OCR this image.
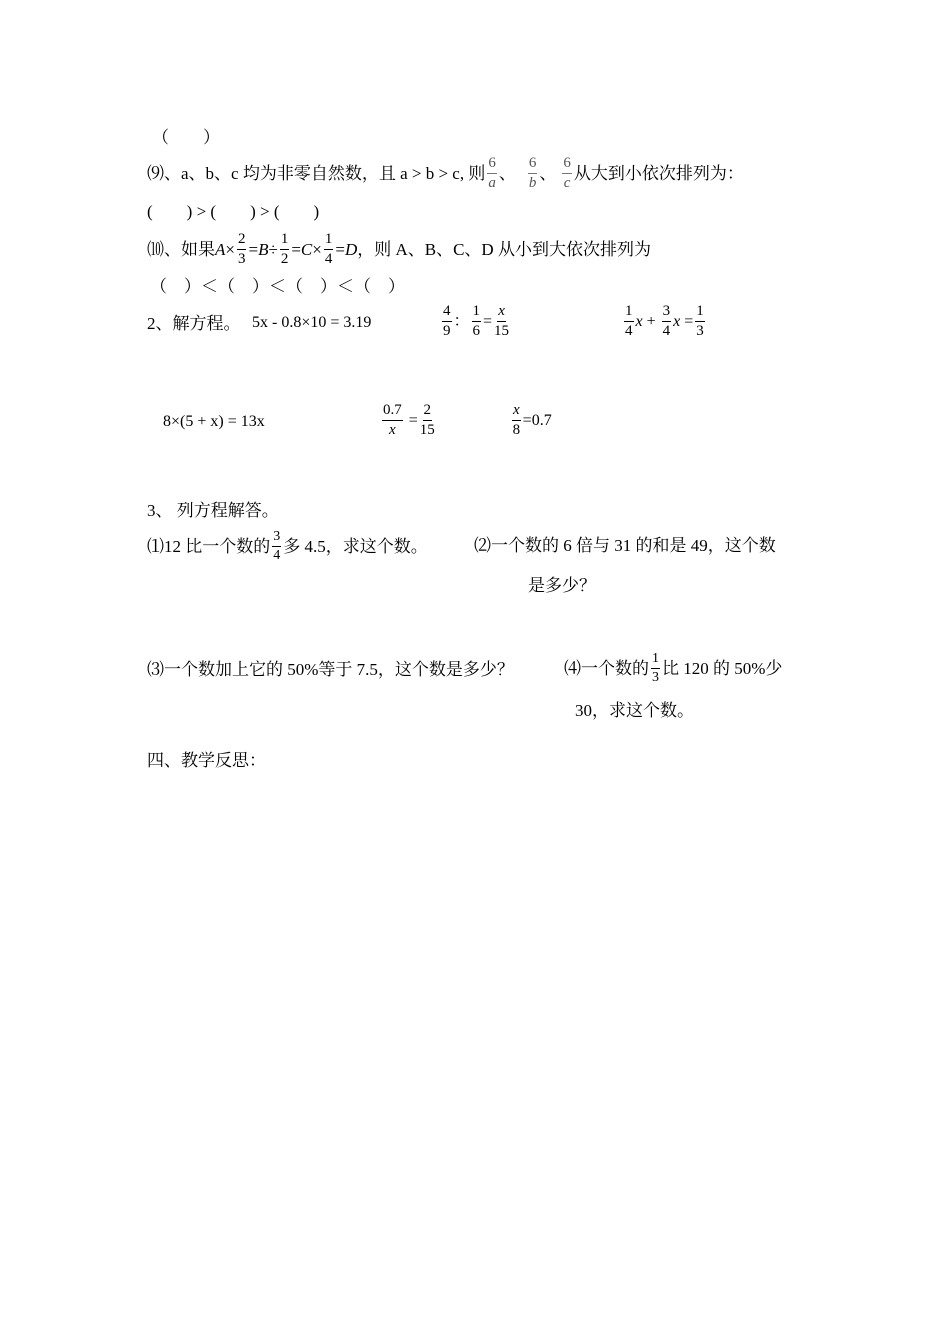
（　　）
⑼、a、b、c 均为非零自然数，且 a > b > c, 则 $\frac{6}{a}$ 、 $\frac{6}{b}$ 、 $\frac{6}{c}$ 从大到小依次排列为：
(　　) > (　　) > (　　)
⑽、如果 $A \times \frac{2}{3} = B \div \frac{1}{2} = C \times \frac{1}{4} = D$ ，则 A、B、C、D 从小到大依次排列为
（　）＜（　）＜（　）＜（　）
2、解方程。 5x - 0.8×10 = 3.19	$\frac{4}{9}$ ： $\frac{1}{6} = \frac{x}{15}$	$\frac{1}{4}$ $x + \frac{3}{4}$ $x = \frac{1}{3}$
8×(5 + x) = 13x	$\frac{0.7}{x} = \frac{2}{15}$	$\frac{x}{8} =0.7$
3、 列方程解答。
⑴12 比一个数的 $\frac{3}{4}$ 多 4.5，求这个数。	⑵一个数的 6 倍与 31 的和是 49，这个数
是多少？
⑶一个数加上它的 50%等于 7.5，这个数是多少？	⑷一个数的 $\frac{1}{3}$ 比 120 的 50%少
30，求这个数。
四、教学反思：
